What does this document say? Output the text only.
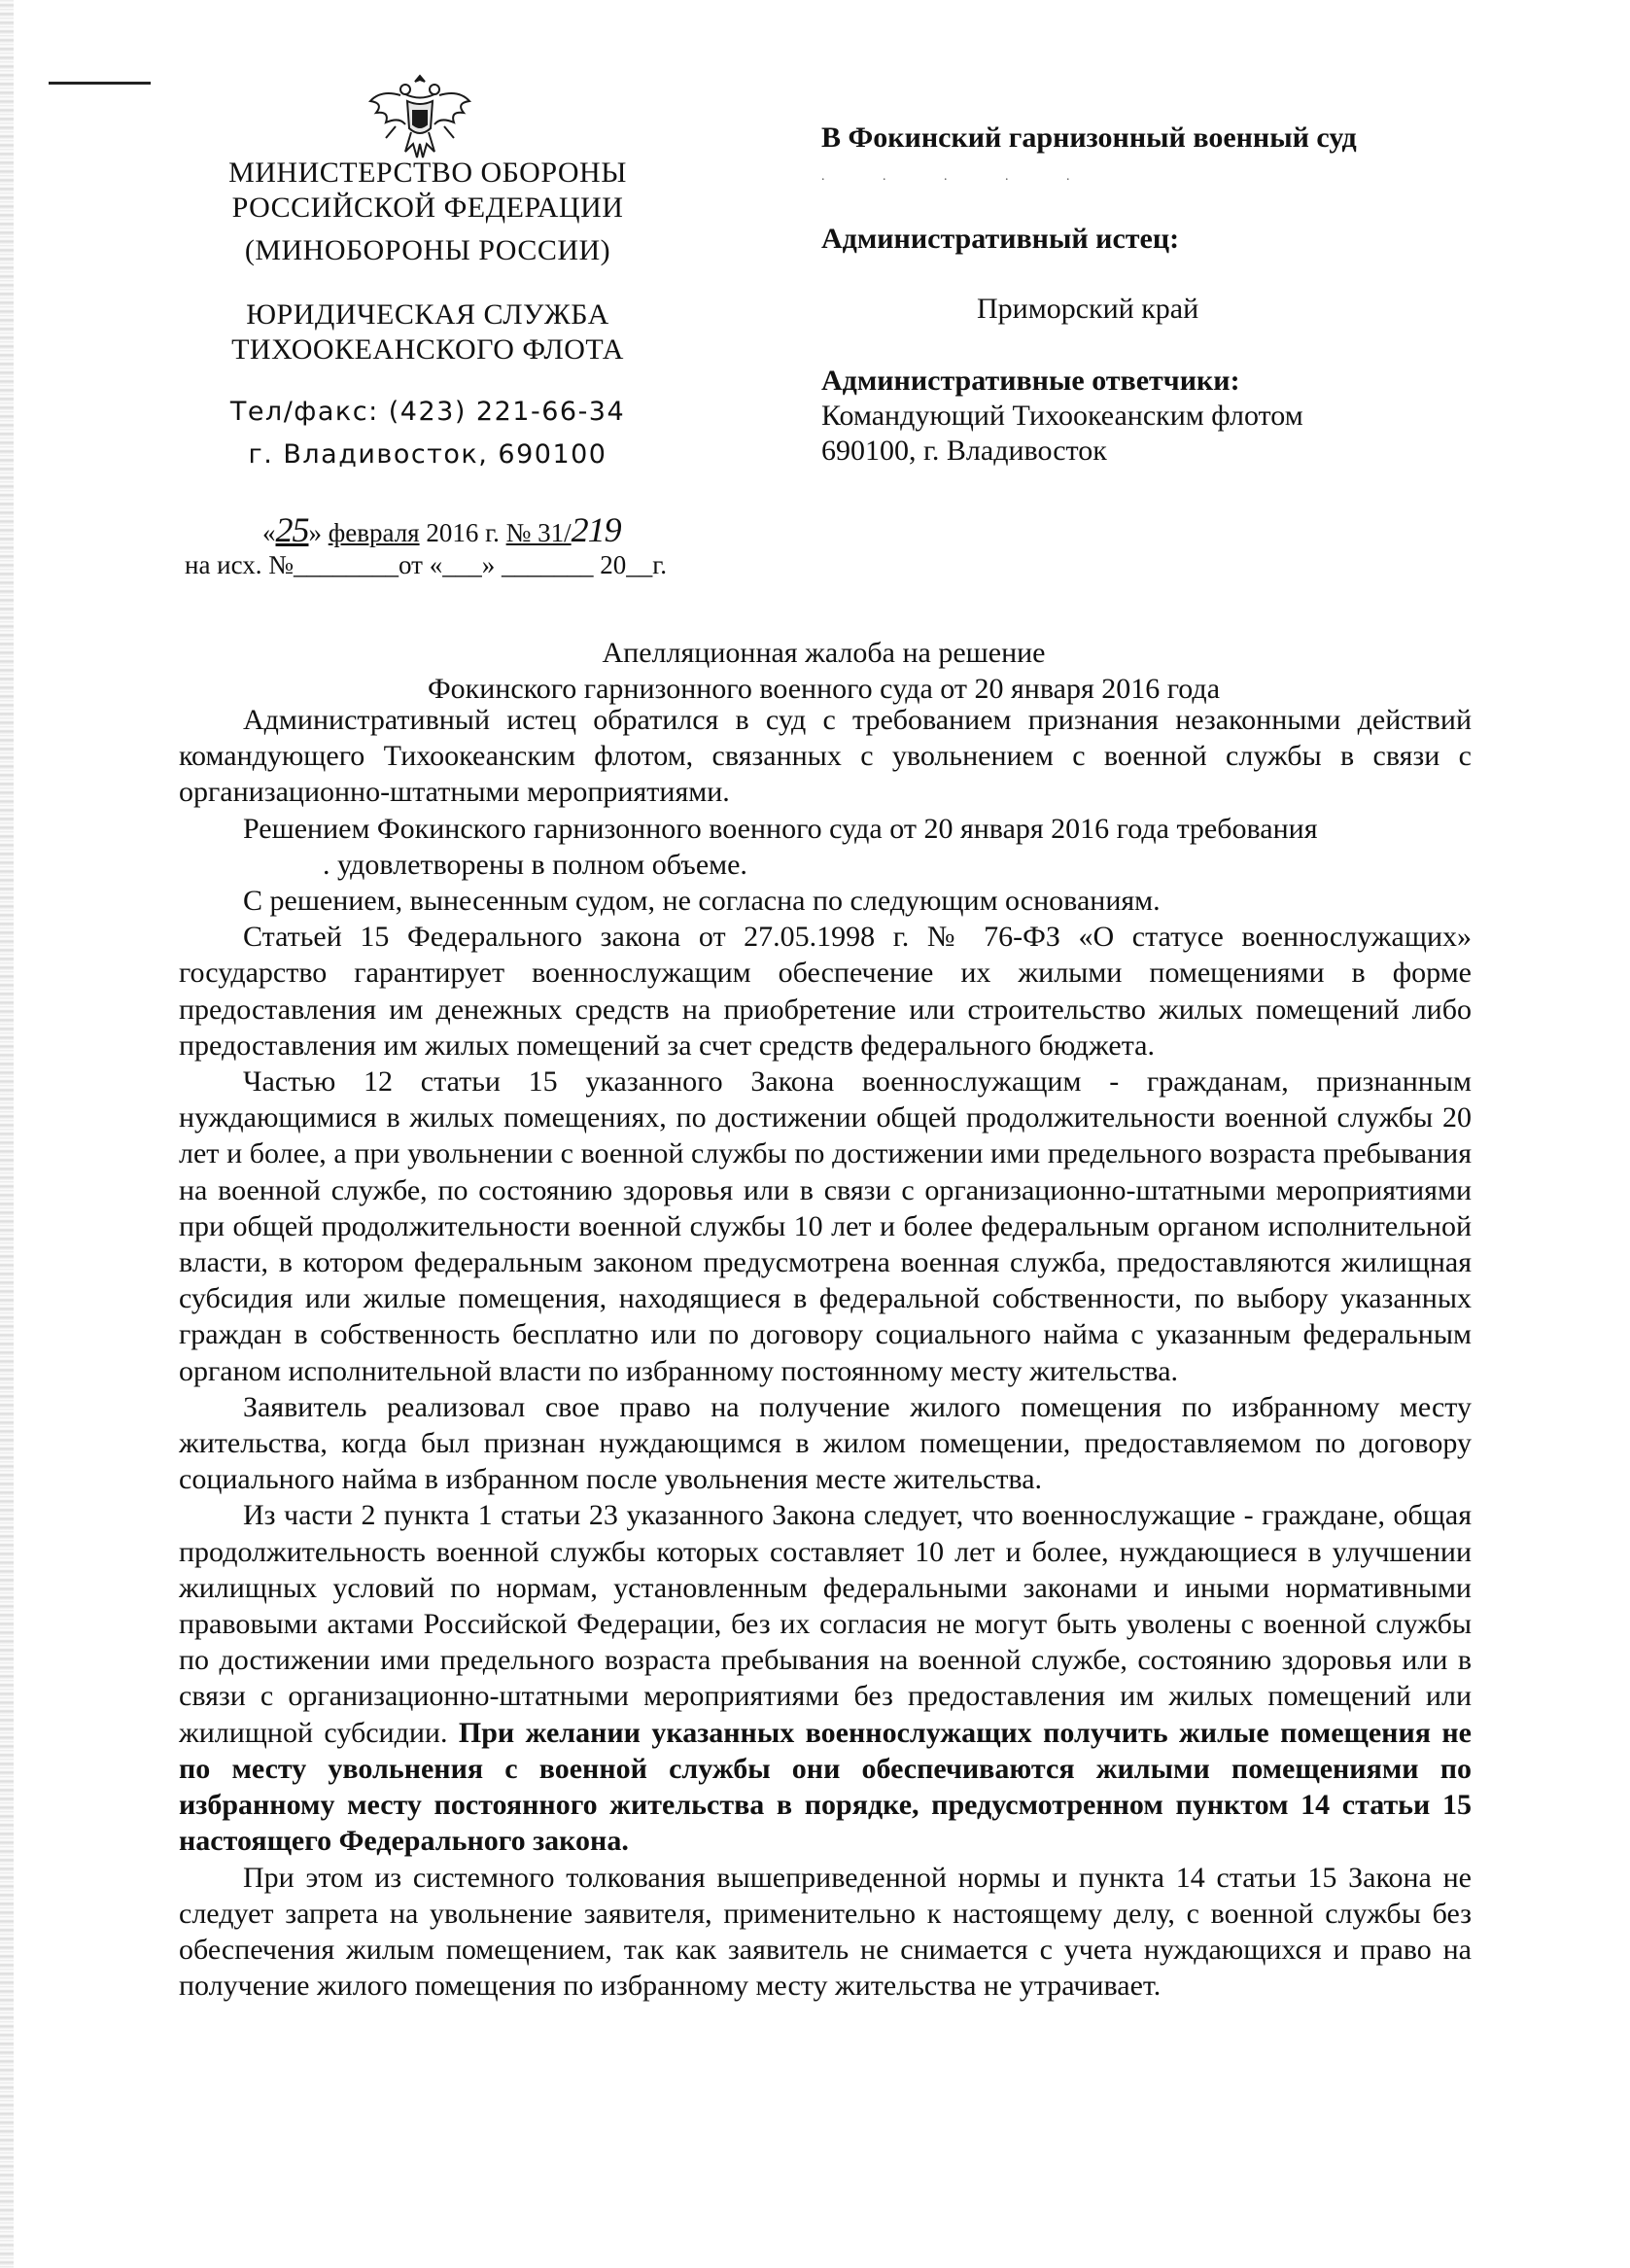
МИНИСТЕРСТВО ОБОРОНЫ
РОССИЙСКОЙ ФЕДЕРАЦИИ

(МИНОБОРОНЫ РОССИИ)

ЮРИДИЧЕСКАЯ СЛУЖБА
ТИХООКЕАНСКОГО ФЛОТА

Тел/факс: (423) 221-66-34
г. Владивосток, 690100

«25» февраля 2016 г. № 31/219
на исх. №________от «___» _______ 20__г.

В Фокинский гарнизонный военный суд

. . . . .

Административный истец:

Приморский край

Административные ответчики:

Командующий Тихоокеанским флотом

690100, г. Владивосток

Апелляционная жалоба на решение

Фокинского гарнизонного военного суда от 20 января 2016 года

Административный истец обратился в суд с требованием признания незаконными действий командующего Тихоокеанским флотом, связанных с увольнением с военной службы в связи с организационно-штатными мероприятиями.

Решением Фокинского гарнизонного военного суда от 20 января 2016 года требования

. удовлетворены в полном объеме.

С решением, вынесенным судом, не согласна по следующим основаниям.

Статьей 15 Федерального закона от 27.05.1998 г. № 76-ФЗ «О статусе военнослужащих» государство гарантирует военнослужащим обеспечение их жилыми помещениями в форме предоставления им денежных средств на приобретение или строительство жилых помещений либо предоставления им жилых помещений за счет средств федерального бюджета.

Частью 12 статьи 15 указанного Закона военнослужащим - гражданам, признанным нуждающимися в жилых помещениях, по достижении общей продолжительности военной службы 20 лет и более, а при увольнении с военной службы по достижении ими предельного возраста пребывания на военной службе, по состоянию здоровья или в связи с организационно-штатными мероприятиями при общей продолжительности военной службы 10 лет и более федеральным органом исполнительной власти, в котором федеральным законом предусмотрена военная служба, предоставляются жилищная субсидия или жилые помещения, находящиеся в федеральной собственности, по выбору указанных граждан в собственность бесплатно или по договору социального найма с указанным федеральным органом исполнительной власти по избранному постоянному месту жительства.

Заявитель реализовал свое право на получение жилого помещения по избранному месту жительства, когда был признан нуждающимся в жилом помещении, предоставляемом по договору социального найма в избранном после увольнения месте жительства.

Из части 2 пункта 1 статьи 23 указанного Закона следует, что военнослужащие - граждане, общая продолжительность военной службы которых составляет 10 лет и более, нуждающиеся в улучшении жилищных условий по нормам, установленным федеральными законами и иными нормативными правовыми актами Российской Федерации, без их согласия не могут быть уволены с военной службы по достижении ими предельного возраста пребывания на военной службе, состоянию здоровья или в связи с организационно-штатными мероприятиями без предоставления им жилых помещений или жилищной субсидии. При желании указанных военнослужащих получить жилые помещения не по месту увольнения с военной службы они обеспечиваются жилыми помещениями по избранному месту постоянного жительства в порядке, предусмотренном пунктом 14 статьи 15 настоящего Федерального закона.

При этом из системного толкования вышеприведенной нормы и пункта 14 статьи 15 Закона не следует запрета на увольнение заявителя, применительно к настоящему делу, с военной службы без обеспечения жилым помещением, так как заявитель не снимается с учета нуждающихся и право на получение жилого помещения по избранному месту жительства не утрачивает.
